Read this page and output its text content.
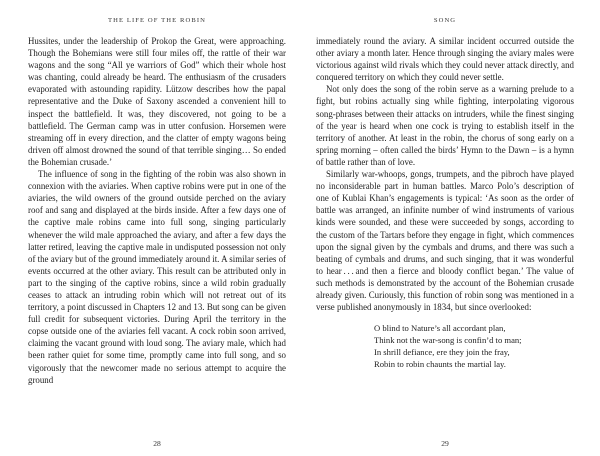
THE LIFE OF THE ROBIN

Hussites, under the leadership of Prokop the Great, were approaching. Though the Bohemians were still four miles off, the rattle of their war wagons and the song “All ye warriors of God” which their whole host was chanting, could already be heard. The enthusiasm of the crusaders evaporated with astounding rapidity. Lützow describes how the papal representative and the Duke of Saxony ascended a convenient hill to inspect the battlefield. It was, they discovered, not going to be a battlefield. The German camp was in utter confusion. Horsemen were streaming off in every direction, and the clatter of empty wagons being driven off almost drowned the sound of that terrible singing… So ended the Bohemian crusade.’

The influence of song in the fighting of the robin was also shown in connexion with the aviaries. When captive robins were put in one of the aviaries, the wild owners of the ground outside perched on the aviary roof and sang and displayed at the birds inside. After a few days one of the captive male robins came into full song, singing particularly whenever the wild male approached the aviary, and after a few days the latter retired, leaving the captive male in undisputed possession not only of the aviary but of the ground immediately around it. A similar series of events occurred at the other aviary. This result can be attributed only in part to the singing of the captive robins, since a wild robin gradually ceases to attack an intruding robin which will not retreat out of its territory, a point discussed in Chapters 12 and 13. But song can be given full credit for subsequent victories. During April the territory in the copse outside one of the aviaries fell vacant. A cock robin soon arrived, claiming the vacant ground with loud song. The aviary male, which had been rather quiet for some time, promptly came into full song, and so vigorously that the newcomer made no serious attempt to acquire the ground

28
SONG

immediately round the aviary. A similar incident occurred outside the other aviary a month later. Hence through singing the aviary males were victorious against wild rivals which they could never attack directly, and conquered territory on which they could never settle.

Not only does the song of the robin serve as a warning prelude to a fight, but robins actually sing while fighting, interpolating vigorous song-phrases between their attacks on intruders, while the finest singing of the year is heard when one cock is trying to establish itself in the territory of another. At least in the robin, the chorus of song early on a spring morning – often called the birds’ Hymn to the Dawn – is a hymn of battle rather than of love.

Similarly war-whoops, gongs, trumpets, and the pibroch have played no inconsiderable part in human battles. Marco Polo’s description of one of Kublai Khan’s engagements is typical: ‘As soon as the order of battle was arranged, an infinite number of wind instruments of various kinds were sounded, and these were succeeded by songs, according to the custom of the Tartars before they engage in fight, which commences upon the signal given by the cymbals and drums, and there was such a beating of cymbals and drums, and such singing, that it was wonderful to hear . . . and then a fierce and bloody conflict began.’ The value of such methods is demonstrated by the account of the Bohemian crusade already given. Curiously, this function of robin song was mentioned in a verse published anonymously in 1834, but since overlooked:

O blind to Nature’s all accordant plan,
Think not the war-song is confin’d to man;
In shrill defiance, ere they join the fray,
Robin to robin chaunts the martial lay.
29
